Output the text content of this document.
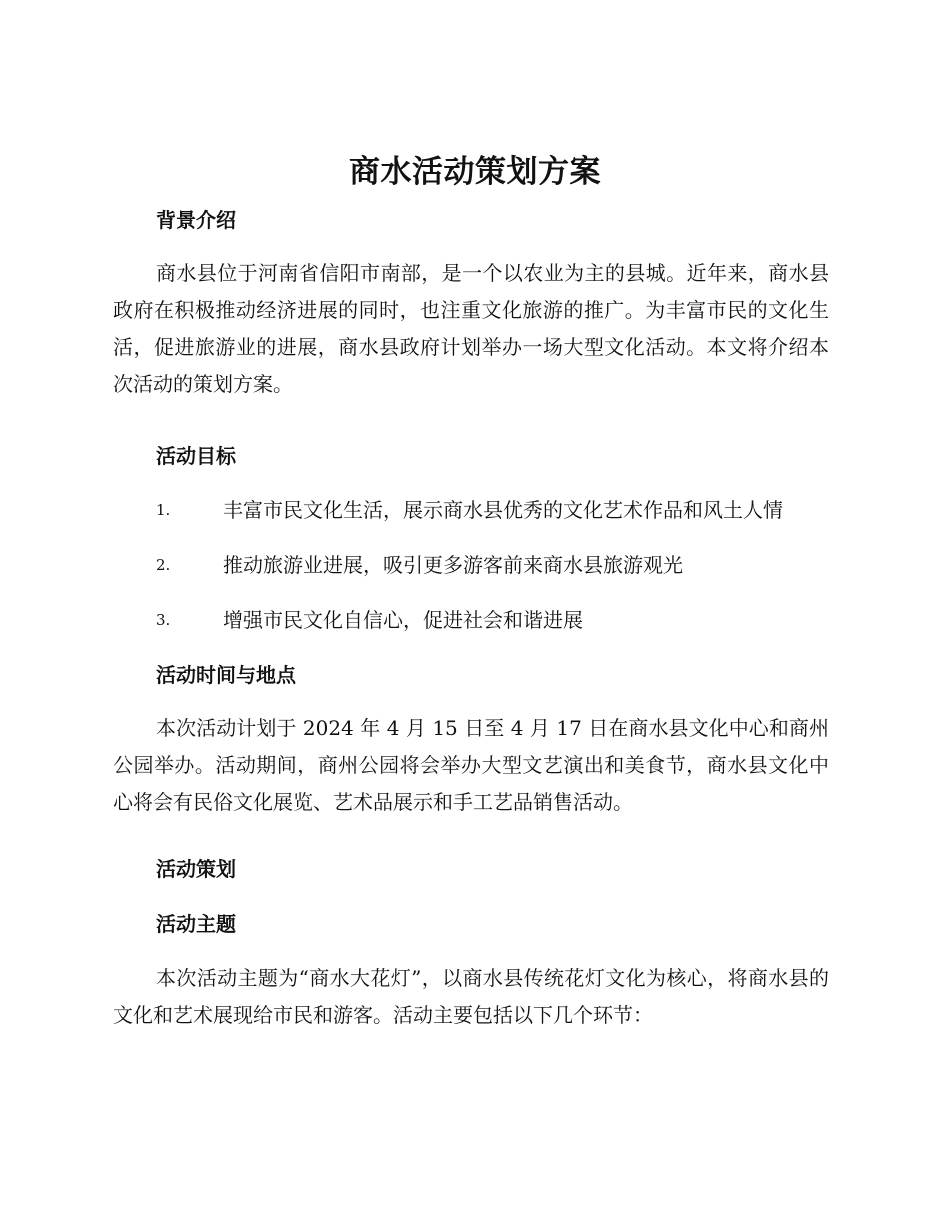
商水活动策划方案
背景介绍
商水县位于河南省信阳市南部，是一个以农业为主的县城。近年来，商水县政府在积极推动经济进展的同时，也注重文化旅游的推广。为丰富市民的文化生活，促进旅游业的进展，商水县政府计划举办一场大型文化活动。本文将介绍本次活动的策划方案。
活动目标
1.	丰富市民文化生活，展示商水县优秀的文化艺术作品和风土人情
2.	推动旅游业进展，吸引更多游客前来商水县旅游观光
3.	增强市民文化自信心，促进社会和谐进展
活动时间与地点
本次活动计划于 2024 年 4 月 15 日至 4 月 17 日在商水县文化中心和商州公园举办。活动期间，商州公园将会举办大型文艺演出和美食节，商水县文化中心将会有民俗文化展览、艺术品展示和手工艺品销售活动。
活动策划
活动主题
本次活动主题为“商水大花灯”，以商水县传统花灯文化为核心，将商水县的文化和艺术展现给市民和游客。活动主要包括以下几个环节：
